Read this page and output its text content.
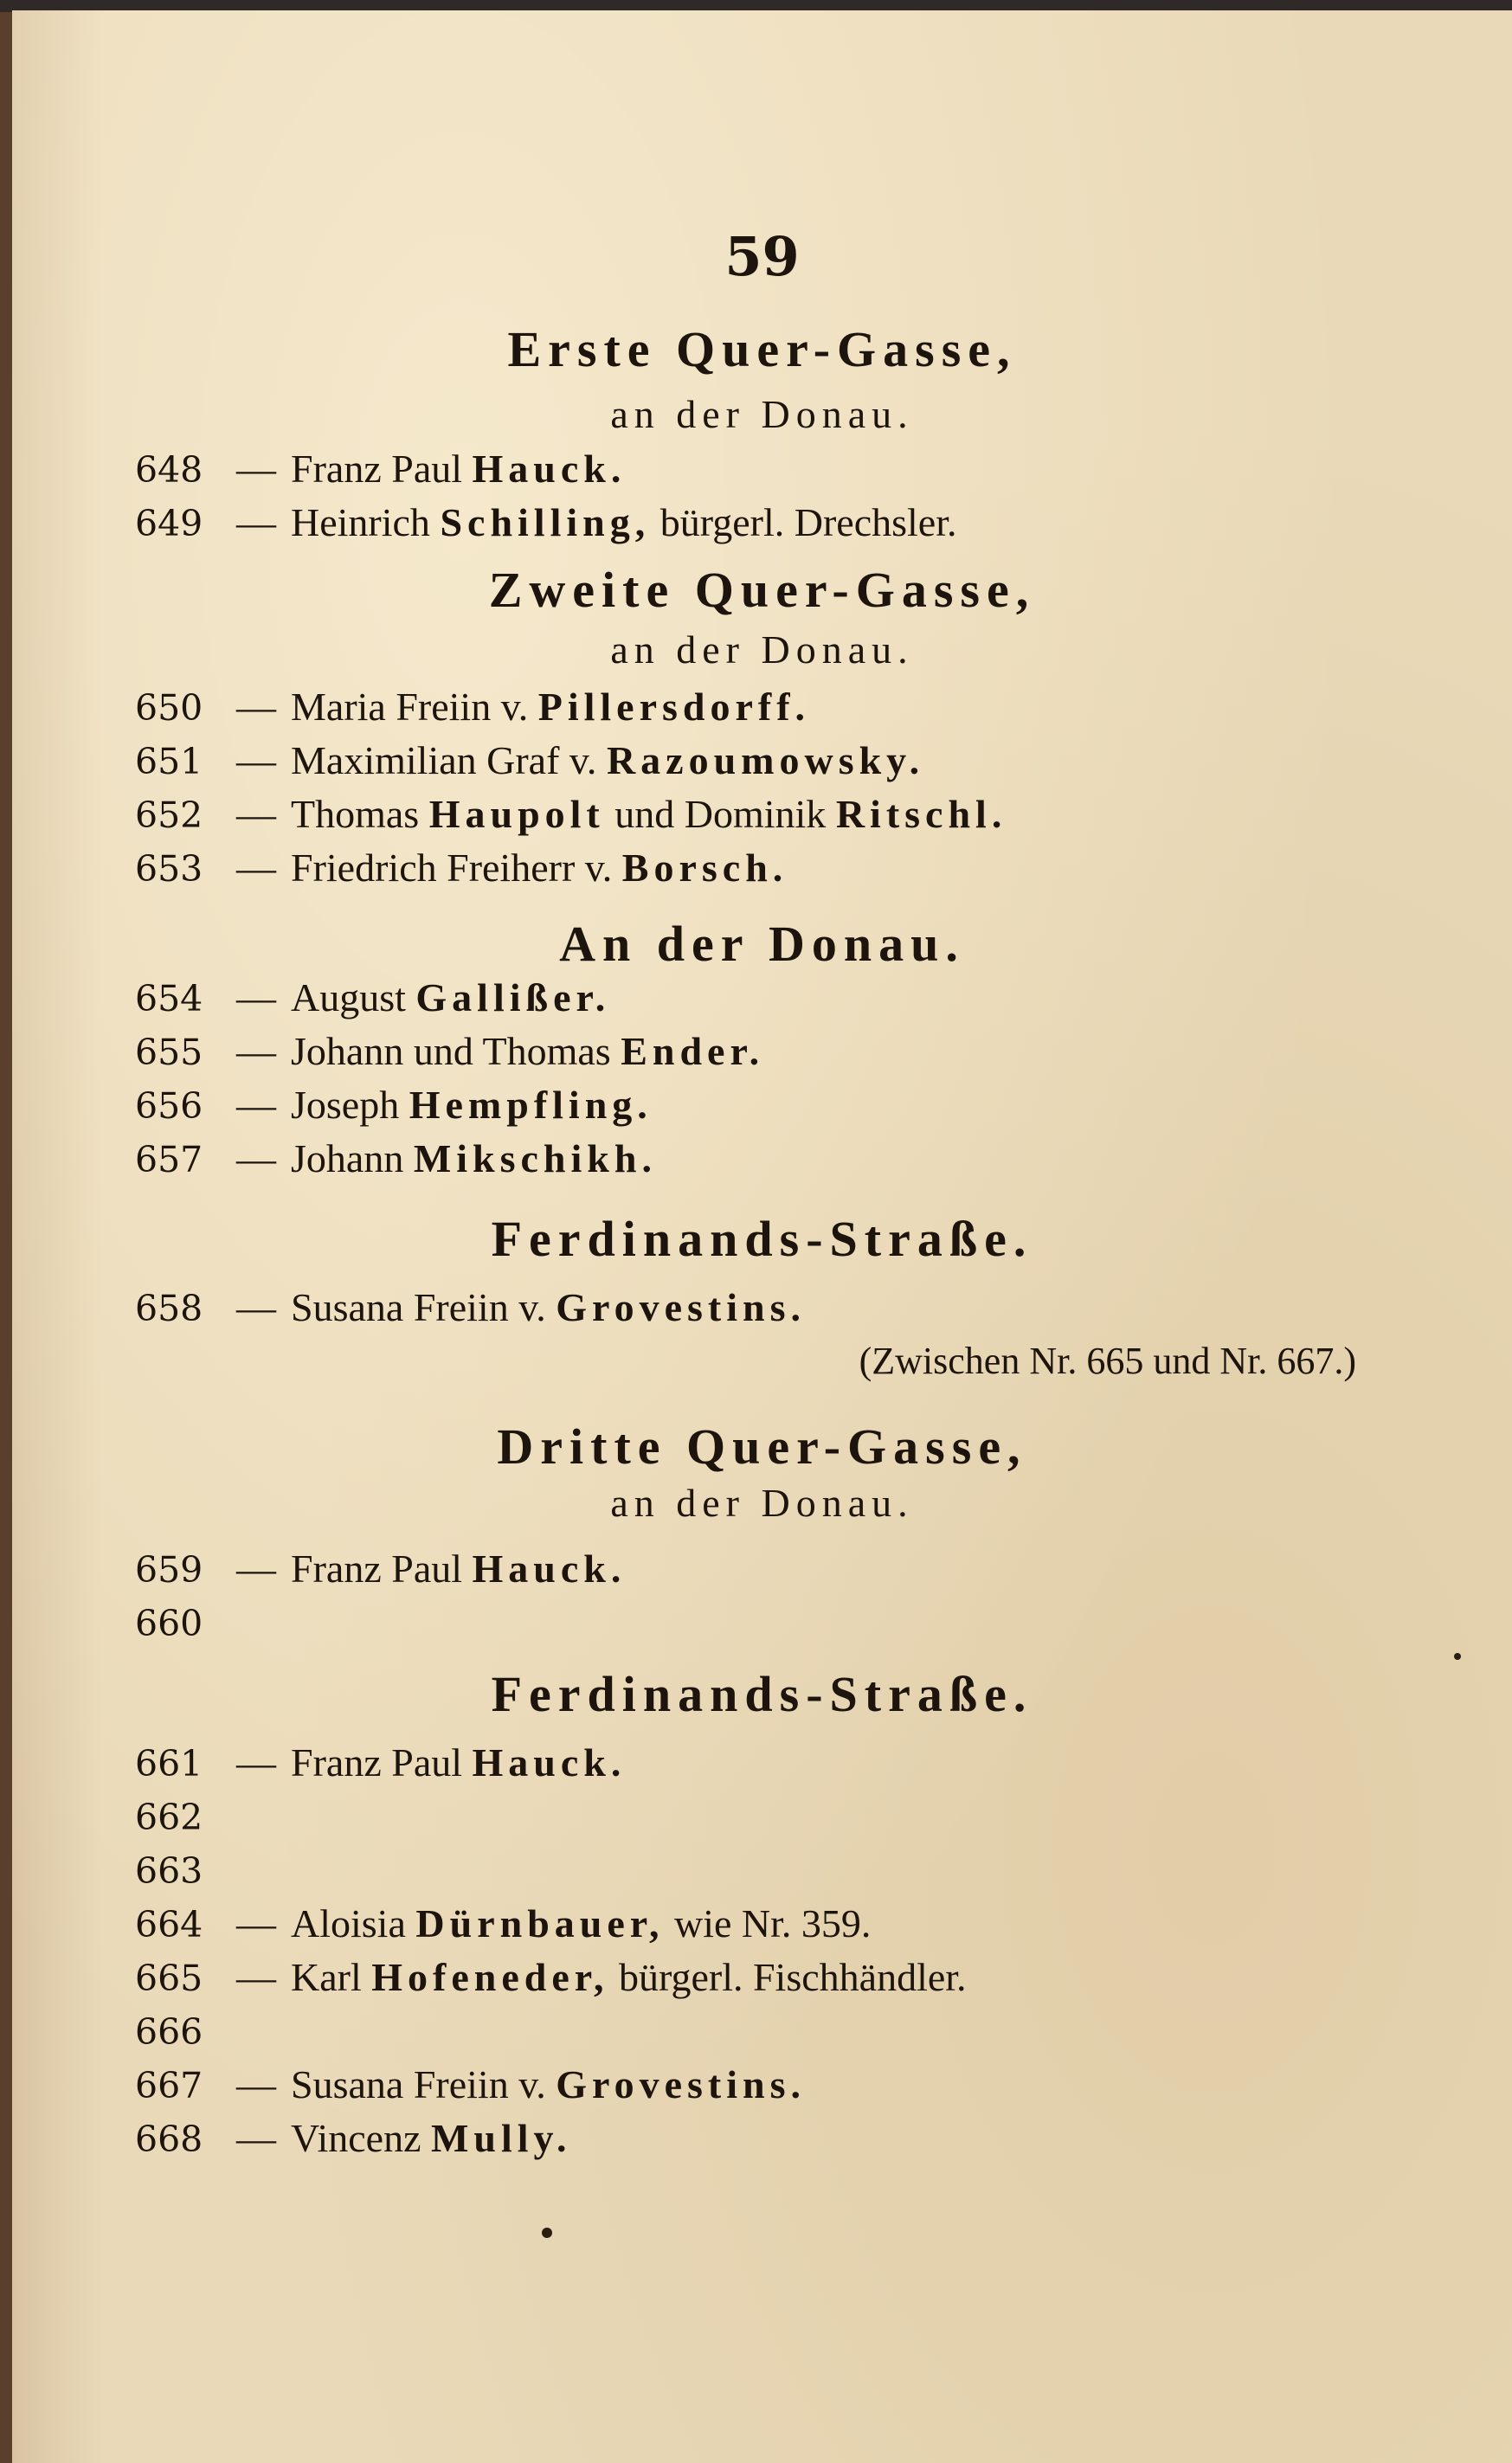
59
Erste Quer-Gasse,
an der Donau.
648 — Franz Paul Hauck.
649 — Heinrich Schilling, bürgerl. Drechsler.
Zweite Quer-Gasse,
an der Donau.
650 — Maria Freiin v. Pillersdorff.
651 — Maximilian Graf v. Razoumowsky.
652 — Thomas Haupolt und Dominik Ritschl.
653 — Friedrich Freiherr v. Borsch.
An der Donau.
654 — August Gallißer.
655 — Johann und Thomas Ender.
656 — Joseph Hempfling.
657 — Johann Mikschikh.
Ferdinands-Straße.
658 — Susana Freiin v. Grovestins.
(Zwischen Nr. 665 und Nr. 667.)
Dritte Quer-Gasse,
an der Donau.
659 — Franz Paul Hauck.
660
Ferdinands-Straße.
661 — Franz Paul Hauck.
662
663
664 — Aloisia Dürnbauer, wie Nr. 359.
665 — Karl Hofeneder, bürgerl. Fischhändler.
666
667 — Susana Freiin v. Grovestins.
668 — Vincenz Mully.
